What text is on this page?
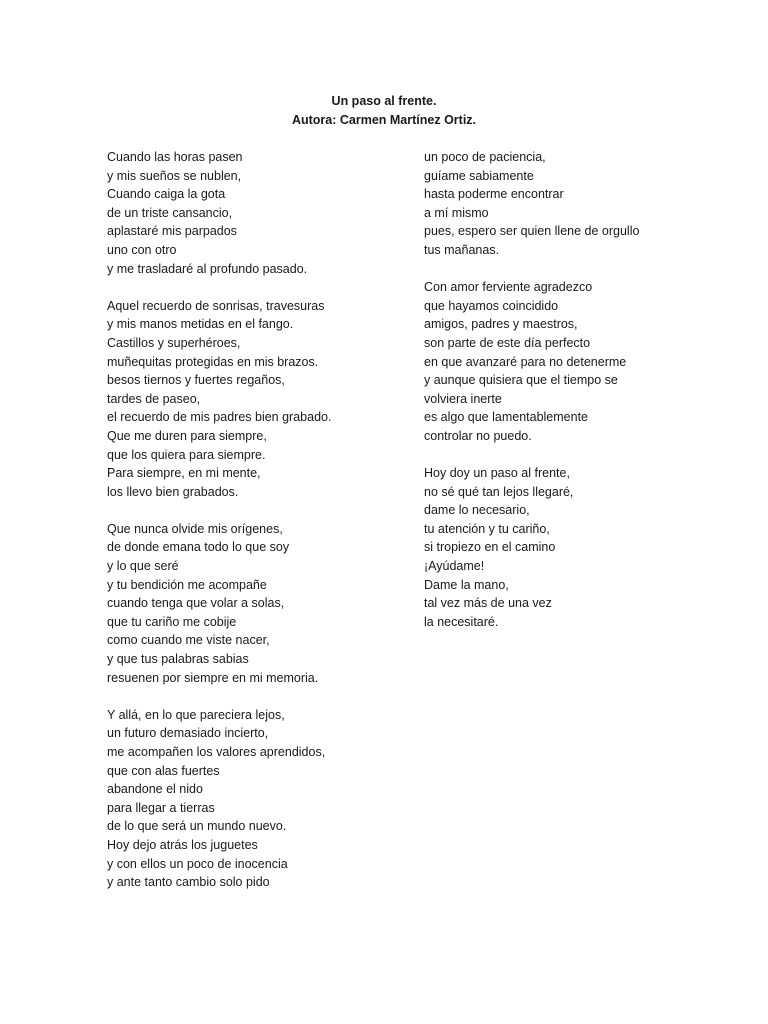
Un paso al frente.
Autora: Carmen Martínez Ortiz.
Cuando las horas pasen
y mis sueños se nublen,
Cuando caiga la gota
de un triste cansancio,
aplastaré mis parpados
uno con otro
y me trasladaré al profundo pasado.
Aquel recuerdo de sonrisas, travesuras
y mis manos metidas en el fango.
Castillos y superhéroes,
muñequitas protegidas en mis brazos.
besos tiernos y fuertes regaños,
tardes de paseo,
el recuerdo de mis padres bien grabado.
Que me duren para siempre,
que los quiera para siempre.
Para siempre, en mi mente,
los llevo bien grabados.
Que nunca olvide mis orígenes,
de donde emana todo lo que soy
y lo que seré
y tu bendición me acompañe
cuando tenga que volar a solas,
que tu cariño me cobije
como cuando me viste nacer,
y que tus palabras sabias
resuenen por siempre en mi memoria.
Y allá, en lo que pareciera lejos,
un futuro demasiado incierto,
me acompañen los valores aprendidos,
que con alas fuertes
abandone el nido
para llegar a tierras
de lo que será un mundo nuevo.
Hoy dejo atrás los juguetes
y con ellos un poco de inocencia
y ante tanto cambio solo pido
un poco de paciencia,
guíame sabiamente
hasta poderme encontrar
a mí mismo
pues, espero ser quien llene de orgullo
tus mañanas.
Con amor ferviente agradezco
que hayamos coincidido
amigos, padres y maestros,
son parte de este día perfecto
en que avanzaré para no detenerme
y aunque quisiera que el tiempo se
volviera inerte
es algo que lamentablemente
controlar no puedo.
Hoy doy un paso al frente,
no sé qué tan lejos llegaré,
dame lo necesario,
tu atención y tu cariño,
si tropiezo en el camino
¡Ayúdame!
Dame la mano,
tal vez más de una vez
la necesitaré.
